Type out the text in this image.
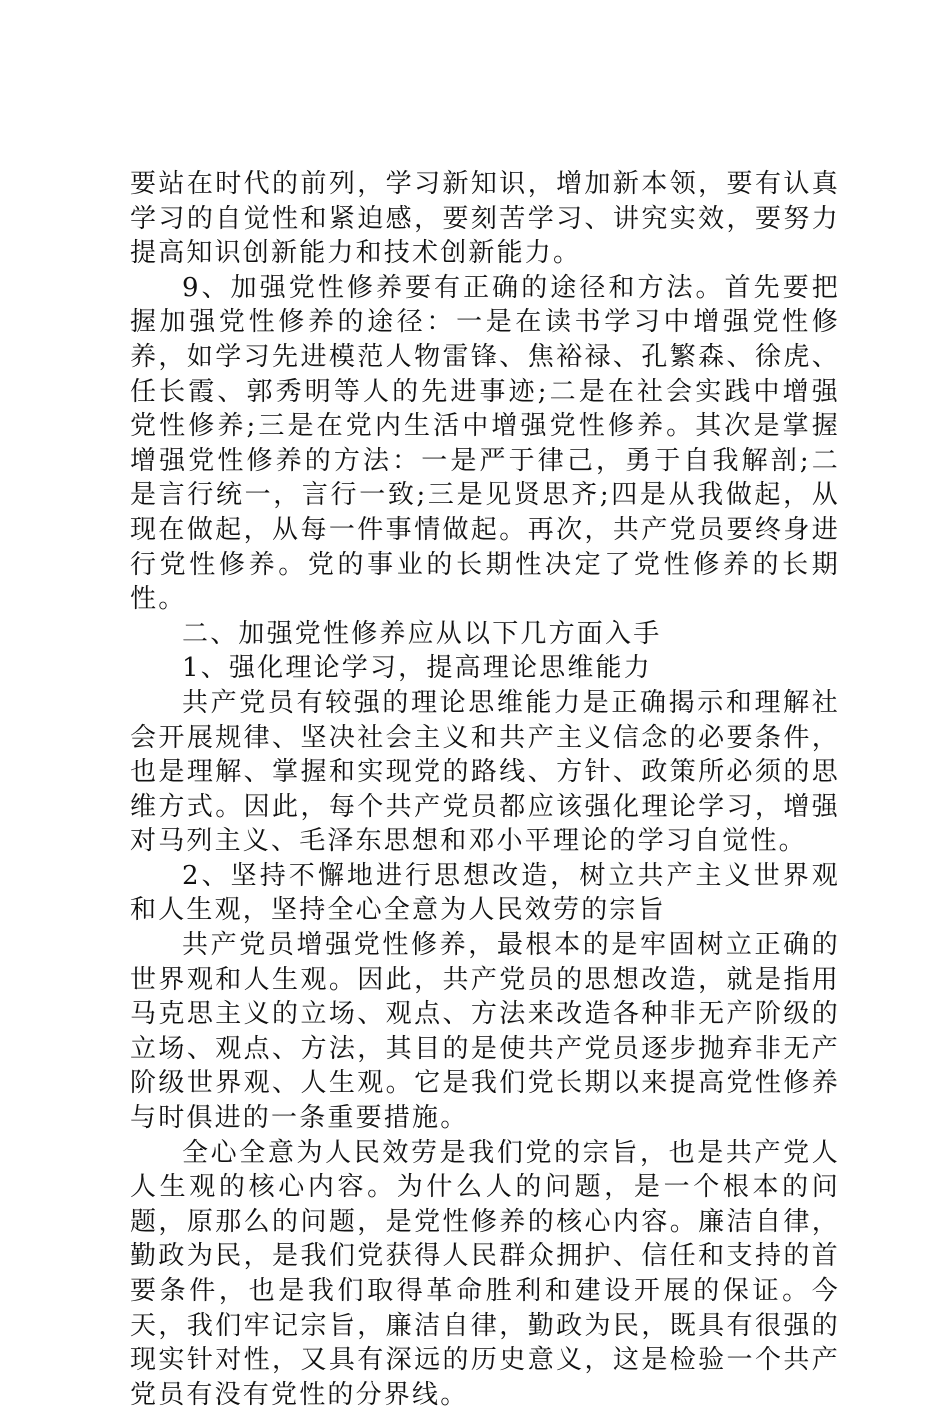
要站在时代的前列，学习新知识，增加新本领，要有认真学习的自觉性和紧迫感，要刻苦学习、讲究实效，要努力提高知识创新能力和技术创新能力。

9、加强党性修养要有正确的途径和方法。首先要把握加强党性修养的途径：一是在读书学习中增强党性修养，如学习先进模范人物雷锋、焦裕禄、孔繁森、徐虎、任长霞、郭秀明等人的先进事迹;二是在社会实践中增强党性修养;三是在党内生活中增强党性修养。其次是掌握增强党性修养的方法：一是严于律己，勇于自我解剖;二是言行统一，言行一致;三是见贤思齐;四是从我做起，从现在做起，从每一件事情做起。再次，共产党员要终身进行党性修养。党的事业的长期性决定了党性修养的长期性。

二、加强党性修养应从以下几方面入手

1、强化理论学习，提高理论思维能力

共产党员有较强的理论思维能力是正确揭示和理解社会开展规律、坚决社会主义和共产主义信念的必要条件，也是理解、掌握和实现党的路线、方针、政策所必须的思维方式。因此，每个共产党员都应该强化理论学习，增强对马列主义、毛泽东思想和邓小平理论的学习自觉性。

2、坚持不懈地进行思想改造，树立共产主义世界观和人生观，坚持全心全意为人民效劳的宗旨

共产党员增强党性修养，最根本的是牢固树立正确的世界观和人生观。因此，共产党员的思想改造，就是指用马克思主义的立场、观点、方法来改造各种非无产阶级的立场、观点、方法，其目的是使共产党员逐步抛弃非无产阶级世界观、人生观。它是我们党长期以来提高党性修养与时俱进的一条重要措施。

全心全意为人民效劳是我们党的宗旨，也是共产党人人生观的核心内容。为什么人的问题，是一个根本的问题，原那么的问题，是党性修养的核心内容。廉洁自律，勤政为民，是我们党获得人民群众拥护、信任和支持的首要条件，也是我们取得革命胜利和建设开展的保证。今天，我们牢记宗旨，廉洁自律，勤政为民，既具有很强的现实针对性，又具有深远的历史意义，这是检验一个共产党员有没有党性的分界线。
